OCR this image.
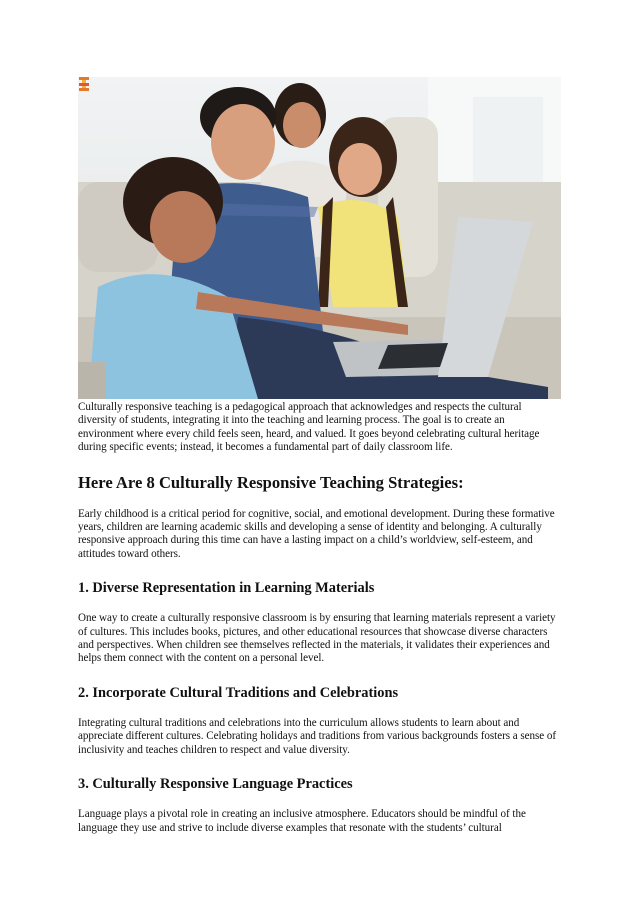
Culturally responsive teaching is a pedagogical approach that acknowledges and respects the cultural diversity of students, integrating it into the teaching and learning process. The goal is to create an environment where every child feels seen, heard, and valued. It goes beyond celebrating cultural heritage during specific events; instead, it becomes a fundamental part of daily classroom life.

Here Are 8 Culturally Responsive Teaching Strategies:

Early childhood is a critical period for cognitive, social, and emotional development. During these formative years, children are learning academic skills and developing a sense of identity and belonging. A culturally responsive approach during this time can have a lasting impact on a child’s worldview, self-esteem, and attitudes toward others.

1. Diverse Representation in Learning Materials

One way to create a culturally responsive classroom is by ensuring that learning materials represent a variety of cultures. This includes books, pictures, and other educational resources that showcase diverse characters and perspectives. When children see themselves reflected in the materials, it validates their experiences and helps them connect with the content on a personal level.

2. Incorporate Cultural Traditions and Celebrations

Integrating cultural traditions and celebrations into the curriculum allows students to learn about and appreciate different cultures. Celebrating holidays and traditions from various backgrounds fosters a sense of inclusivity and teaches children to respect and value diversity.

3. Culturally Responsive Language Practices

Language plays a pivotal role in creating an inclusive atmosphere. Educators should be mindful of the language they use and strive to include diverse examples that resonate with the students’ cultural
